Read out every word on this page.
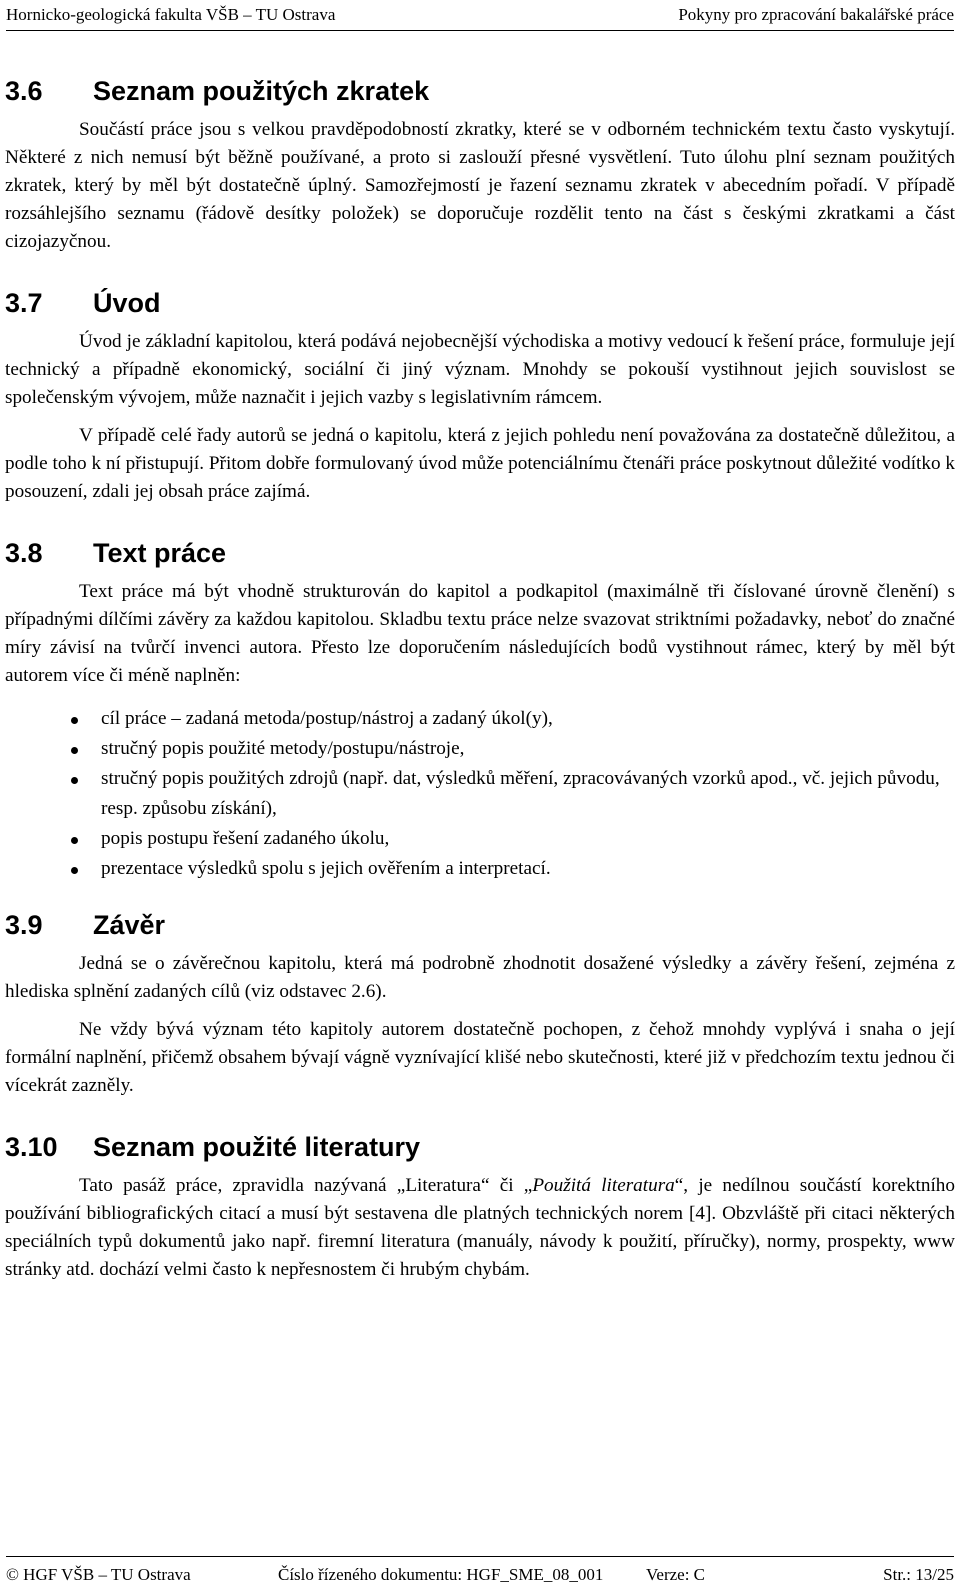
Hornicko-geologická fakulta VŠB – TU Ostrava	Pokyny pro zpracování bakalářské práce

3.6	Seznam použitých zkratek

Součástí práce jsou s velkou pravděpodobností zkratky, které se v odborném technickém textu často vyskytují. Některé z nich nemusí být běžně používané, a proto si zaslouží přesné vysvětlení. Tuto úlohu plní seznam použitých zkratek, který by měl být dostatečně úplný. Samozřejmostí je řazení seznamu zkratek v abecedním pořadí. V případě rozsáhlejšího seznamu (řádově desítky položek) se doporučuje rozdělit tento na část s českými zkratkami a část cizojazyčnou.

3.7	Úvod

Úvod je základní kapitolou, která podává nejobecnější východiska a motivy vedoucí k řešení práce, formuluje její technický a případně ekonomický, sociální či jiný význam. Mnohdy se pokouší vystihnout jejich souvislost se společenským vývojem, může naznačit i jejich vazby s legislativním rámcem.

V případě celé řady autorů se jedná o kapitolu, která z jejich pohledu není považována za dostatečně důležitou, a podle toho k ní přistupují. Přitom dobře formulovaný úvod může potenciálnímu čtenáři práce poskytnout důležité vodítko k posouzení, zdali jej obsah práce zajímá.

3.8	Text práce

Text práce má být vhodně strukturován do kapitol a podkapitol (maximálně tři číslované úrovně členění) s případnými dílčími závěry za každou kapitolou. Skladbu textu práce nelze svazovat striktními požadavky, neboť do značné míry závisí na tvůrčí invenci autora. Přesto lze doporučením následujících bodů vystihnout rámec, který by měl být autorem více či méně naplněn:

cíl práce – zadaná metoda/postup/nástroj a zadaný úkol(y),
stručný popis použité metody/postupu/nástroje,
stručný popis použitých zdrojů (např. dat, výsledků měření, zpracovávaných vzorků apod., vč. jejich původu, resp. způsobu získání),
popis postupu řešení zadaného úkolu,
prezentace výsledků spolu s jejich ověřením a interpretací.
3.9	Závěr

Jedná se o závěrečnou kapitolu, která má podrobně zhodnotit dosažené výsledky a závěry řešení, zejména z hlediska splnění zadaných cílů (viz odstavec 2.6).

Ne vždy bývá význam této kapitoly autorem dostatečně pochopen, z čehož mnohdy vyplývá i snaha o její formální naplnění, přičemž obsahem bývají vágně vyznívající klišé nebo skutečnosti, které již v předchozím textu jednou či vícekrát zazněly.

3.10	Seznam použité literatury

Tato pasáž práce, zpravidla nazývaná „Literatura“ či „Použitá literatura“, je nedílnou součástí korektního používání bibliografických citací a musí být sestavena dle platných technických norem [4]. Obzvláště při citaci některých speciálních typů dokumentů jako např. firemní literatura (manuály, návody k použití, příručky), normy, prospekty, www stránky atd. dochází velmi často k nepřesnostem či hrubým chybám.

© HGF VŠB – TU Ostrava	Číslo řízeného dokumentu: HGF_SME_08_001	Verze: C	Str.: 13/25
